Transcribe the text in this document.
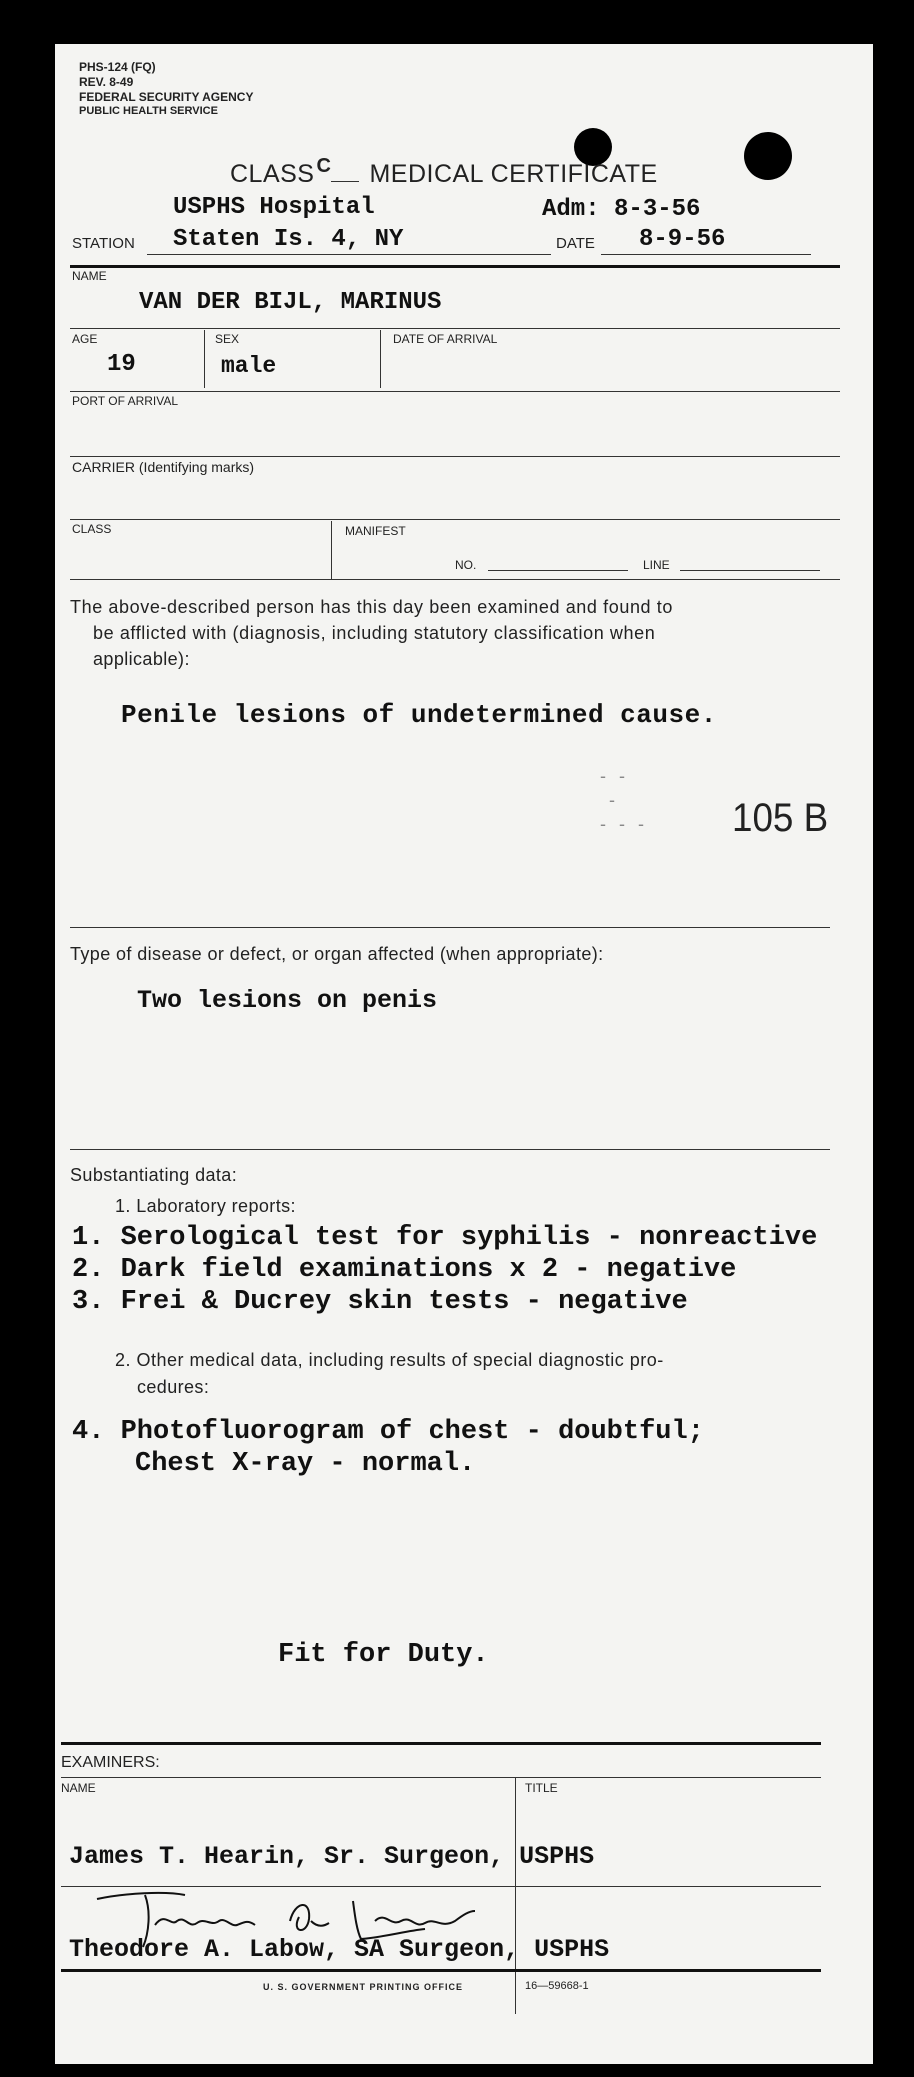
PHS-124 (FQ)
REV. 8-49
FEDERAL SECURITY AGENCY
PUBLIC HEALTH SERVICE
CLASS $^C$ MEDICAL CERTIFICATE
USPHS Hospital	Adm: 8-3-56
STATION Staten Is. 4, NY	DATE 8-9-56
NAME
VAN DER BIJL, MARINUS
AGE
19
SEX
male
DATE OF ARRIVAL
PORT OF ARRIVAL
CARRIER (Identifying marks)
CLASS	MANIFEST
NO.	LINE
The above-described person has this day been examined and found to
be afflicted with (diagnosis, including statutory classification when
applicable):
Penile lesions of undetermined cause.
- -
-
- - - 105 B
Type of disease or defect, or organ affected (when appropriate):
Two lesions on penis
Substantiating data:
1. Laboratory reports:
1. Serological test for syphilis - nonreactive
2. Dark field examinations x 2 - negative
3. Frei & Ducrey skin tests - negative
2. Other medical data, including results of special diagnostic pro-
cedures:
4. Photofluorogram of chest - doubtful;
Chest X-ray - normal.
Fit for Duty.
EXAMINERS:
NAME	TITLE
James T. Hearin, Sr. Surgeon, USPHS
Theodore A. Labow, SA Surgeon, USPHS
U. S. GOVERNMENT PRINTING OFFICE	16—59668-1
